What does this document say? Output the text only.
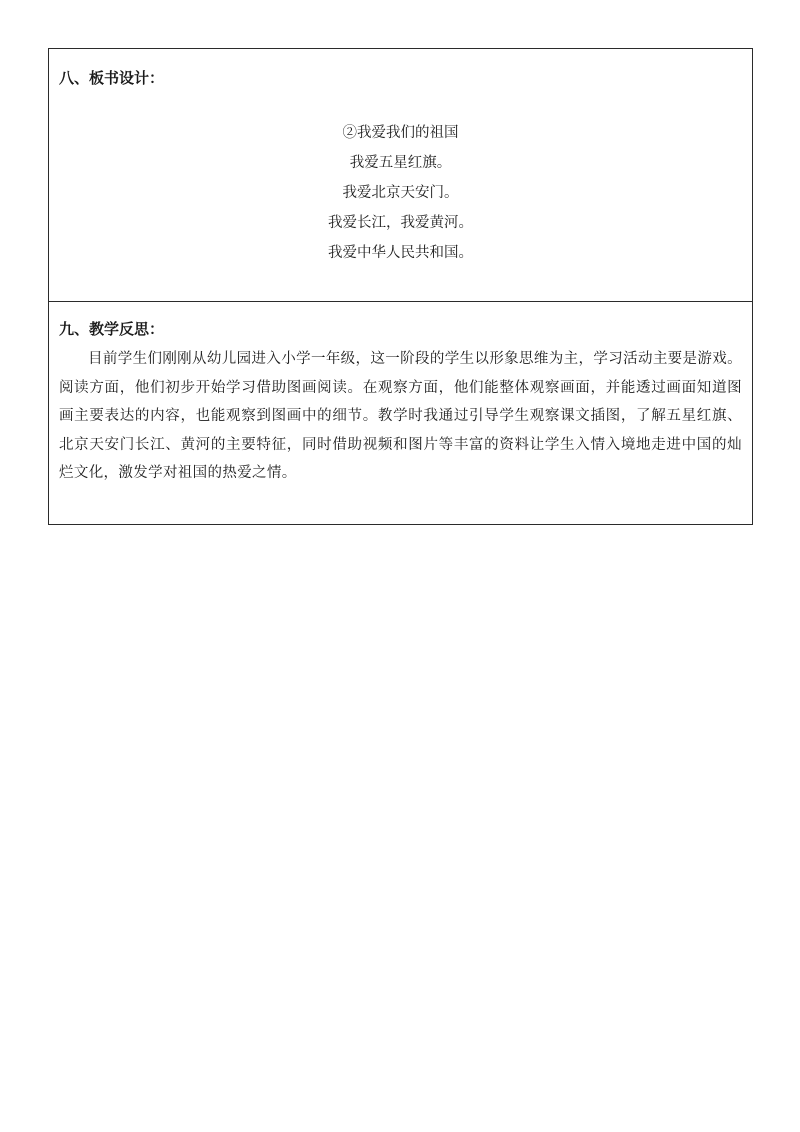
八、板书设计：
②我爱我们的祖国
我爱五星红旗。
我爱北京天安门。
我爱长江，我爱黄河。
我爱中华人民共和国。
九、教学反思：

目前学生们刚刚从幼儿园进入小学一年级，这一阶段的学生以形象思维为主，学习活动主要是游戏。阅读方面，他们初步开始学习借助图画阅读。在观察方面，他们能整体观察画面，并能透过画面知道图画主要表达的内容，也能观察到图画中的细节。教学时我通过引导学生观察课文插图，了解五星红旗、北京天安门长江、黄河的主要特征，同时借助视频和图片等丰富的资料让学生入情入境地走进中国的灿烂文化，激发学对祖国的热爱之情。
